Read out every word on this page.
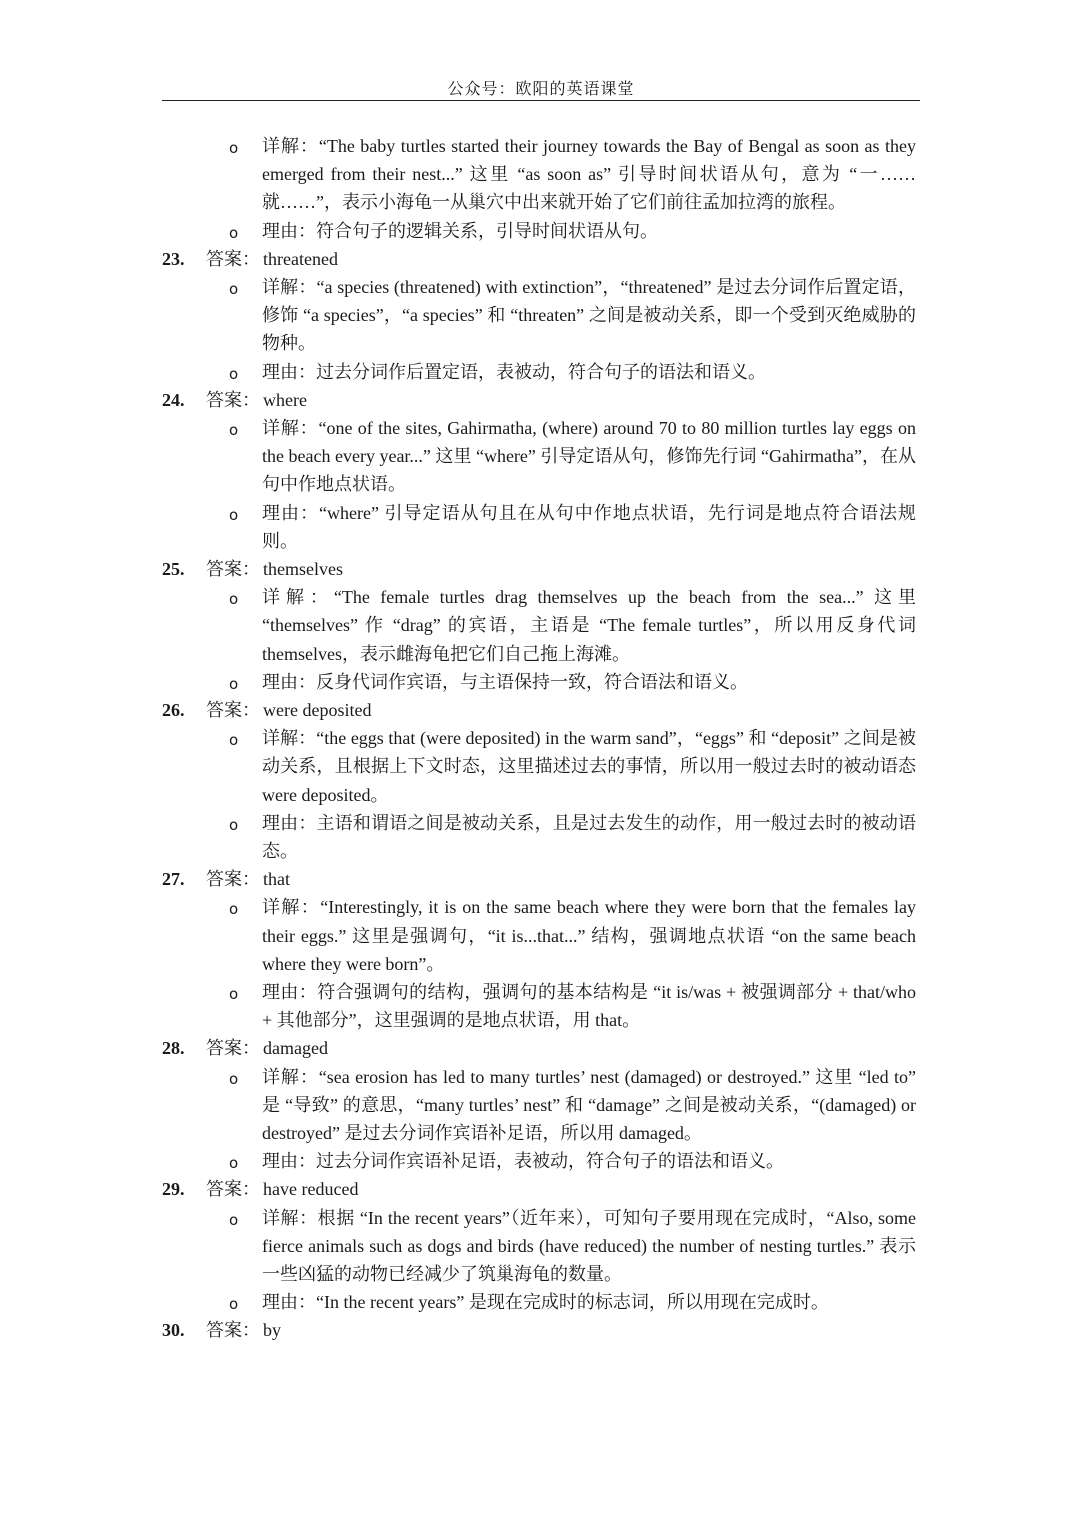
公众号：欧阳的英语课堂
o 详解：“The baby turtles started their journey towards the Bay of Bengal as soon as they emerged from their nest...” 这里 “as soon as” 引导时间状语从句，意为 “一…… 就……”，表示小海龟一从巢穴中出来就开始了它们前往孟加拉湾的旅程。
o 理由：符合句子的逻辑关系，引导时间状语从句。
23. 答案： threatened
o 详解：“a species (threatened) with extinction”，“threatened” 是过去分词作后置定语，修饰 “a species”，“a species” 和 “threaten” 之间是被动关系，即一个受到灭绝威胁的物种。
o 理由：过去分词作后置定语，表被动，符合句子的语法和语义。
24. 答案： where
o 详解：“one of the sites, Gahirmatha, (where) around 70 to 80 million turtles lay eggs on the beach every year...” 这里 “where” 引导定语从句，修饰先行词 “Gahirmatha”，在从句中作地点状语。
o 理由：“where” 引导定语从句且在从句中作地点状语，先行词是地点符合语法规则。
25. 答案： themselves
o 详解：“The female turtles drag themselves up the beach from the sea...” 这里 “themselves” 作 “drag” 的宾语，主语是 “The female turtles”，所以用反身代词 themselves，表示雌海龟把它们自己拖上海滩。
o 理由：反身代词作宾语，与主语保持一致，符合语法和语义。
26. 答案： were deposited
o 详解：“the eggs that (were deposited) in the warm sand”，“eggs” 和 “deposit” 之间是被动关系，且根据上下文时态，这里描述过去的事情，所以用一般过去时的被动语态 were deposited。
o 理由：主语和谓语之间是被动关系，且是过去发生的动作，用一般过去时的被动语态。
27. 答案： that
o 详解：“Interestingly, it is on the same beach where they were born that the females lay their eggs.” 这里是强调句，“it is...that...” 结构，强调地点状语 “on the same beach where they were born”。
o 理由：符合强调句的结构，强调句的基本结构是 “it is/was + 被强调部分 + that/who + 其他部分”，这里强调的是地点状语，用 that。
28. 答案： damaged
o 详解：“sea erosion has led to many turtles’ nest (damaged) or destroyed.” 这里 “led to” 是 “导致” 的意思，“many turtles’ nest” 和 “damage” 之间是被动关系，“(damaged) or destroyed” 是过去分词作宾语补足语，所以用 damaged。
o 理由：过去分词作宾语补足语，表被动，符合句子的语法和语义。
29. 答案： have reduced
o 详解：根据 “In the recent years”（近年来），可知句子要用现在完成时，“Also, some fierce animals such as dogs and birds (have reduced) the number of nesting turtles.” 表示一些凶猛的动物已经减少了筑巢海龟的数量。
o 理由：“In the recent years” 是现在完成时的标志词，所以用现在完成时。
30. 答案： by
